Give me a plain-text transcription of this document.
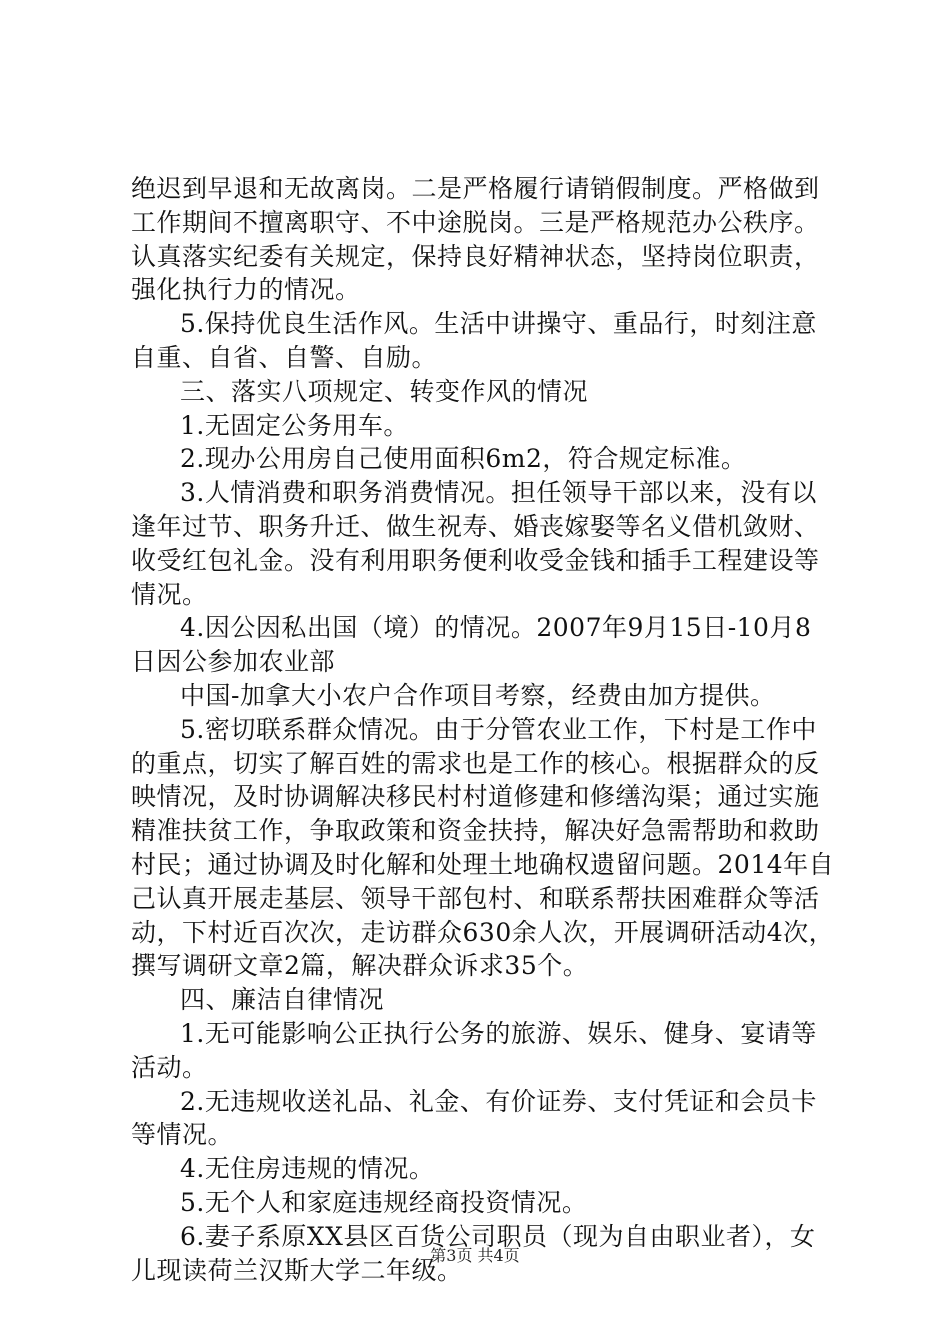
绝迟到早退和无故离岗。二是严格履行请销假制度。严格做到
工作期间不擅离职守、不中途脱岗。三是严格规范办公秩序。
认真落实纪委有关规定，保持良好精神状态，坚持岗位职责，
强化执行力的情况。
5.保持优良生活作风。生活中讲操守、重品行，时刻注意
自重、自省、自警、自励。
三、落实八项规定、转变作风的情况
1.无固定公务用车。
2.现办公用房自己使用面积6m2，符合规定标准。
3.人情消费和职务消费情况。担任领导干部以来，没有以
逢年过节、职务升迁、做生祝寿、婚丧嫁娶等名义借机敛财、
收受红包礼金。没有利用职务便利收受金钱和插手工程建设等
情况。
4.因公因私出国（境）的情况。2007年9月15日-10月8
日因公参加农业部
中国-加拿大小农户合作项目考察，经费由加方提供。
5.密切联系群众情况。由于分管农业工作，下村是工作中
的重点，切实了解百姓的需求也是工作的核心。根据群众的反
映情况，及时协调解决移民村村道修建和修缮沟渠；通过实施
精准扶贫工作，争取政策和资金扶持，解决好急需帮助和救助
村民；通过协调及时化解和处理土地确权遗留问题。2014年自
己认真开展走基层、领导干部包村、和联系帮扶困难群众等活
动，下村近百次次，走访群众630余人次，开展调研活动4次，
撰写调研文章2篇，解决群众诉求35个。
四、廉洁自律情况
1.无可能影响公正执行公务的旅游、娱乐、健身、宴请等
活动。
2.无违规收送礼品、礼金、有价证券、支付凭证和会员卡
等情况。
4.无住房违规的情况。
5.无个人和家庭违规经商投资情况。
6.妻子系原XX县区百货公司职员（现为自由职业者），女
儿现读荷兰汉斯大学二年级。
第3页 共4页
